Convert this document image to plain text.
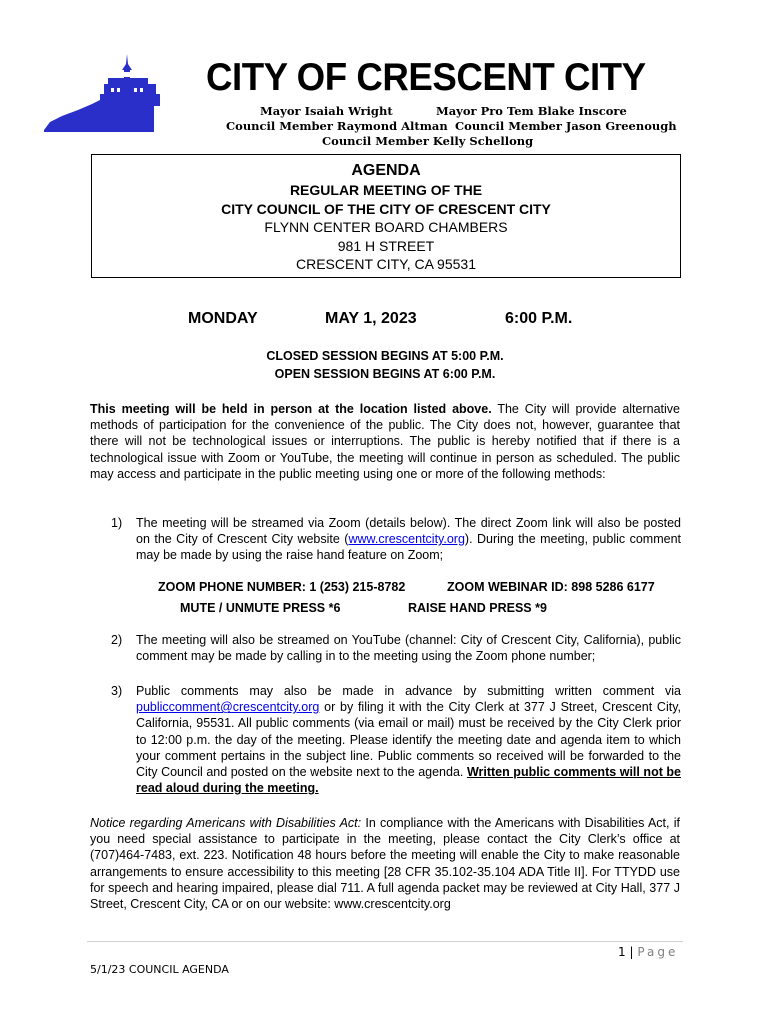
CITY OF CRESCENT CITY
Mayor Isaiah Wright	Mayor Pro Tem Blake Inscore
Council Member Raymond Altman Council Member Jason Greenough
Council Member Kelly Schellong
AGENDA
REGULAR MEETING OF THE
CITY COUNCIL OF THE CITY OF CRESCENT CITY
FLYNN CENTER BOARD CHAMBERS
981 H STREET
CRESCENT CITY, CA 95531
MONDAY	MAY 1, 2023	6:00 P.M.
CLOSED SESSION BEGINS AT 5:00 P.M.
OPEN SESSION BEGINS AT 6:00 P.M.
This meeting will be held in person at the location listed above. The City will provide alternative methods of participation for the convenience of the public. The City does not, however, guarantee that there will not be technological issues or interruptions. The public is hereby notified that if there is a technological issue with Zoom or YouTube, the meeting will continue in person as scheduled. The public may access and participate in the public meeting using one or more of the following methods:
1) The meeting will be streamed via Zoom (details below). The direct Zoom link will also be posted on the City of Crescent City website (www.crescentcity.org). During the meeting, public comment may be made by using the raise hand feature on Zoom;
ZOOM PHONE NUMBER: 1 (253) 215-8782	ZOOM WEBINAR ID: 898 5286 6177
MUTE / UNMUTE PRESS *6	RAISE HAND PRESS *9
2) The meeting will also be streamed on YouTube (channel: City of Crescent City, California), public comment may be made by calling in to the meeting using the Zoom phone number;
3) Public comments may also be made in advance by submitting written comment via publiccomment@crescentcity.org or by filing it with the City Clerk at 377 J Street, Crescent City, California, 95531. All public comments (via email or mail) must be received by the City Clerk prior to 12:00 p.m. the day of the meeting. Please identify the meeting date and agenda item to which your comment pertains in the subject line. Public comments so received will be forwarded to the City Council and posted on the website next to the agenda. Written public comments will not be read aloud during the meeting.
Notice regarding Americans with Disabilities Act: In compliance with the Americans with Disabilities Act, if you need special assistance to participate in the meeting, please contact the City Clerk’s office at (707)464-7483, ext. 223. Notification 48 hours before the meeting will enable the City to make reasonable arrangements to ensure accessibility to this meeting [28 CFR 35.102-35.104 ADA Title II]. For TTYDD use for speech and hearing impaired, please dial 711. A full agenda packet may be reviewed at City Hall, 377 J Street, Crescent City, CA or on our website: www.crescentcity.org
1 | Page
5/1/23 COUNCIL AGENDA
